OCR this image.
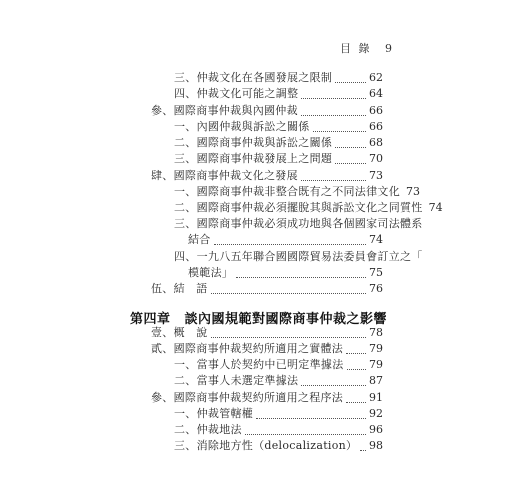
目 錄 9
三、仲裁文化在各國發展之限制	62
四、仲裁文化可能之調整	64
參、國際商事仲裁與內國仲裁	66
一、內國仲裁與訴訟之關係	66
二、國際商事仲裁與訴訟之關係	68
三、國際商事仲裁發展上之問題	70
肆、國際商事仲裁文化之發展	73
一、國際商事仲裁非整合既有之不同法律文化 73
二、國際商事仲裁必須擺脫其與訴訟文化之同質性 74
三、國際商事仲裁必須成功地與各個國家司法體系
結合	74
四、一九八五年聯合國國際貿易法委員會訂立之「
模範法」	75
伍、結　語	76
第四章 談內國規範對國際商事仲裁之影響
壹、概　說	78
貳、國際商事仲裁契約所適用之實體法 79
一、當事人於契約中已明定準據法 79
二、當事人未選定準據法	87
參、國際商事仲裁契約所適用之程序法 91
一、仲裁管轄權	92
二、仲裁地法	96
三、消除地方性（delocalization） 98
